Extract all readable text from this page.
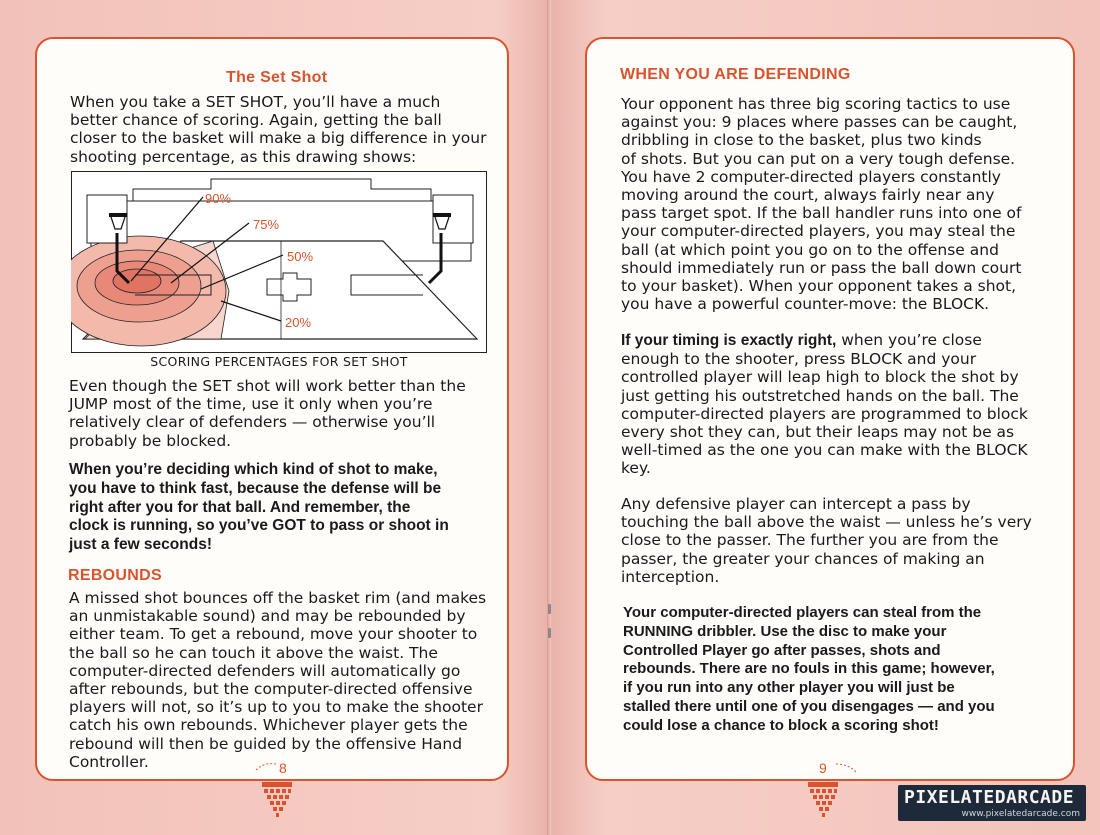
The Set Shot
When you take a SET SHOT, you’ll have a much
better chance of scoring. Again, getting the ball
closer to the basket will make a big difference in your
shooting percentage, as this drawing shows:
90%
75%
50%
20%
SCORING PERCENTAGES FOR SET SHOT
Even though the SET shot will work better than the
JUMP most of the time, use it only when you’re
relatively clear of defenders — otherwise you’ll
probably be blocked.
When you’re deciding which kind of shot to make,
you have to think fast, because the defense will be
right after you for that ball. And remember, the
clock is running, so you’ve GOT to pass or shoot in
just a few seconds!
REBOUNDS
A missed shot bounces off the basket rim (and makes
an unmistakable sound) and may be rebounded by
either team. To get a rebound, move your shooter to
the ball so he can touch it above the waist. The
computer-directed defenders will automatically go
after rebounds, but the computer-directed offensive
players will not, so it’s up to you to make the shooter
catch his own rebounds. Whichever player gets the
rebound will then be guided by the offensive Hand
Controller.	8
WHEN YOU ARE DEFENDING
Your opponent has three big scoring tactics to use
against you: 9 places where passes can be caught,
dribbling in close to the basket, plus two kinds
of shots. But you can put on a very tough defense.
You have 2 computer-directed players constantly
moving around the court, always fairly near any
pass target spot. If the ball handler runs into one of
your computer-directed players, you may steal the
ball (at which point you go on to the offense and
should immediately run or pass the ball down court
to your basket). When your opponent takes a shot,
you have a powerful counter-move: the BLOCK.
If your timing is exactly right, when you’re close
enough to the shooter, press BLOCK and your
controlled player will leap high to block the shot by
just getting his outstretched hands on the ball. The
computer-directed players are programmed to block
every shot they can, but their leaps may not be as
well-timed as the one you can make with the BLOCK
key.
Any defensive player can intercept a pass by
touching the ball above the waist — unless he’s very
close to the passer. The further you are from the
passer, the greater your chances of making an
interception.
Your computer-directed players can steal from the
RUNNING dribbler. Use the disc to make your
Controlled Player go after passes, shots and
rebounds. There are no fouls in this game; however,
if you run into any other player you will just be
stalled there until one of you disengages — and you
could lose a chance to block a scoring shot!
9
PIXELATEDARCADE
www.pixelatedarcade.com
